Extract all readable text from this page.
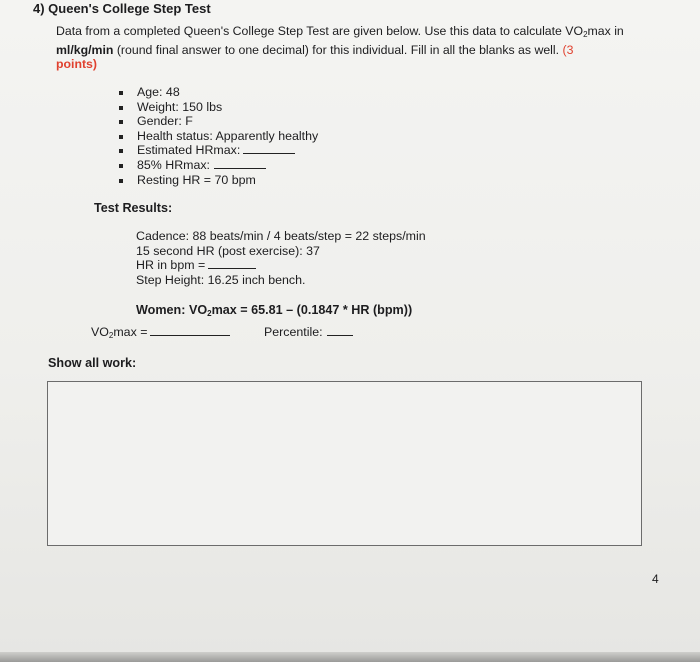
4) Queen's College Step Test
Data from a completed Queen's College Step Test are given below. Use this data to calculate $VO_2\max$ in ml/kg/min (round final answer to one decimal) for this individual. Fill in all the blanks as well. (3
points)
Age: 48
Weight: 150 lbs
Gender: F
Health status: Apparently healthy
Estimated HRmax:
85% HRmax:
Resting HR = 70 bpm
Test Results:
Cadence: 88 beats/min / 4 beats/step = 22 steps/min
15 second HR (post exercise): 37
HR in bpm =
Step Height: 16.25 inch bench.
Women: $VO_2\max = 65.81 - (0.1847$ * HR (bpm))
$VO_2\max$ =	Percentile:
Show all work:
4
